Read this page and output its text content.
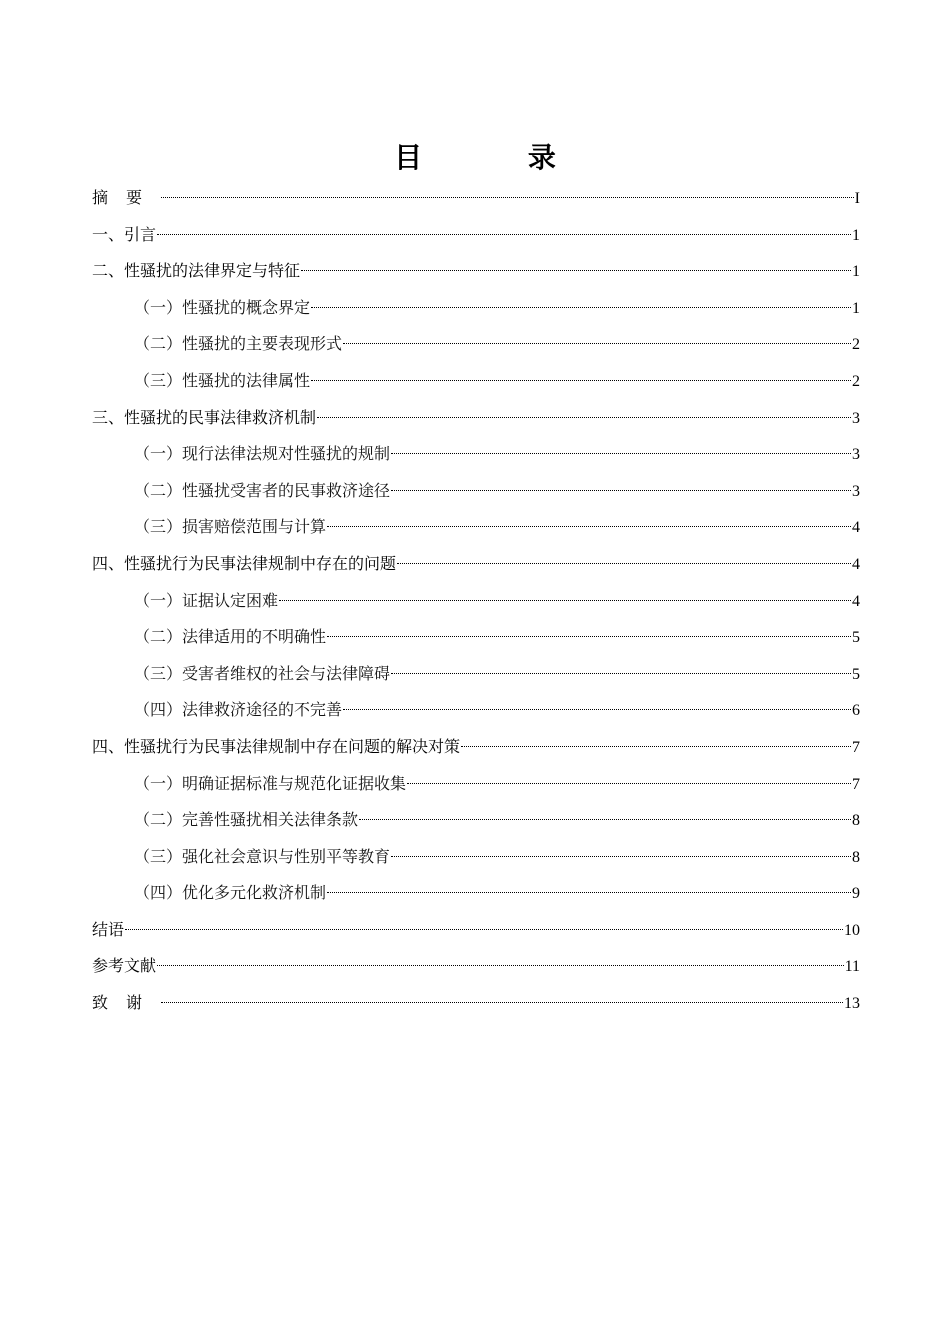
目 录
摘要	I
一、引言	1
二、性骚扰的法律界定与特征	1
（一）性骚扰的概念界定	1
（二）性骚扰的主要表现形式	2
（三）性骚扰的法律属性	2
三、性骚扰的民事法律救济机制	3
（一）现行法律法规对性骚扰的规制	3
（二）性骚扰受害者的民事救济途径	3
（三）损害赔偿范围与计算	4
四、性骚扰行为民事法律规制中存在的问题	4
（一）证据认定困难	4
（二）法律适用的不明确性	5
（三）受害者维权的社会与法律障碍	5
（四）法律救济途径的不完善	6
四、性骚扰行为民事法律规制中存在问题的解决对策	7
（一）明确证据标准与规范化证据收集	7
（二）完善性骚扰相关法律条款	8
（三）强化社会意识与性别平等教育	8
（四）优化多元化救济机制	9
结语	10
参考文献	11
致谢	13
